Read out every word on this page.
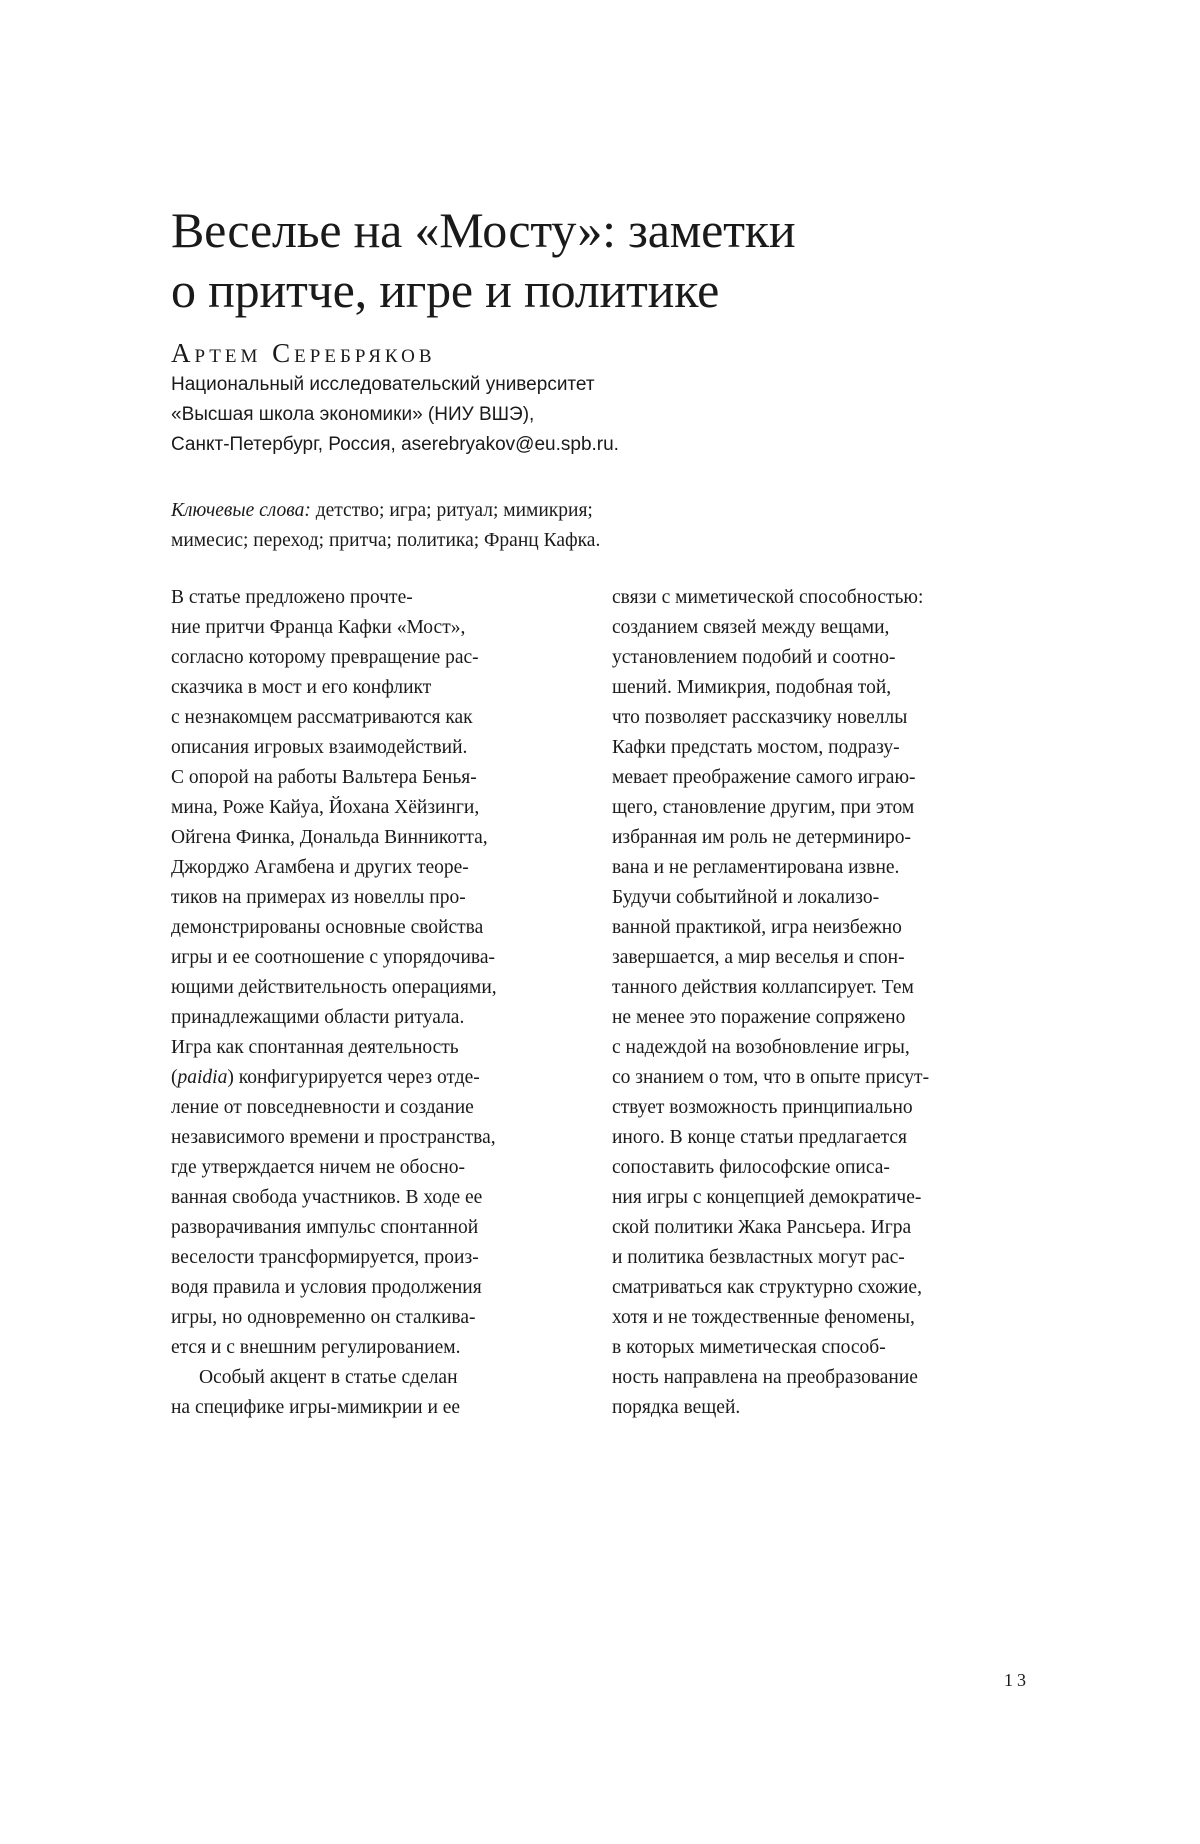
Веселье на «Мосту»: заметки
о притче, игре и политике
Артем Серебряков
Национальный исследовательский университет
«Высшая школа экономики» (НИУ ВШЭ),
Санкт-Петербург, Россия, aserebryakov@eu.spb.ru.
Ключевые слова: детство; игра; ритуал; мимикрия;
мимесис; переход; притча; политика; Франц Кафка.
В статье предложено прочте-
ние притчи Франца Кафки «Мост»,
согласно которому превращение рас-
сказчика в мост и его конфликт
с незнакомцем рассматриваются как
описания игровых взаимодействий.
С опорой на работы Вальтера Бенья-
мина, Роже Кайуа, Йохана Хёйзинги,
Ойгена Финка, Дональда Винникотта,
Джорджо Агамбена и других теоре-
тиков на примерах из новеллы про-
демонстрированы основные свойства
игры и ее соотношение с упорядочива-
ющими действительность операциями,
принадлежащими области ритуала.
Игра как спонтанная деятельность
(paidia) конфигурируется через отде-
ление от повседневности и создание
независимого времени и пространства,
где утверждается ничем не обосно-
ванная свобода участников. В ходе ее
разворачивания импульс спонтанной
веселости трансформируется, произ-
водя правила и условия продолжения
игры, но одновременно он сталкива-
ется и с внешним регулированием.
Особый акцент в статье сделан
на специфике игры-мимикрии и ее
связи с миметической способностью:
созданием связей между вещами,
установлением подобий и соотно-
шений. Мимикрия, подобная той,
что позволяет рассказчику новеллы
Кафки предстать мостом, подразу-
мевает преображение самого играю-
щего, становление другим, при этом
избранная им роль не детерминиро-
вана и не регламентирована извне.
Будучи событийной и локализо-
ванной практикой, игра неизбежно
завершается, а мир веселья и спон-
танного действия коллапсирует. Тем
не менее это поражение сопряжено
с надеждой на возобновление игры,
со знанием о том, что в опыте присут-
ствует возможность принципиально
иного. В конце статьи предлагается
сопоставить философские описа-
ния игры с концепцией демократиче-
ской политики Жака Рансьера. Игра
и политика безвластных могут рас-
сматриваться как структурно схожие,
хотя и не тождественные феномены,
в которых миметическая способ-
ность направлена на преобразование
порядка вещей.
13
